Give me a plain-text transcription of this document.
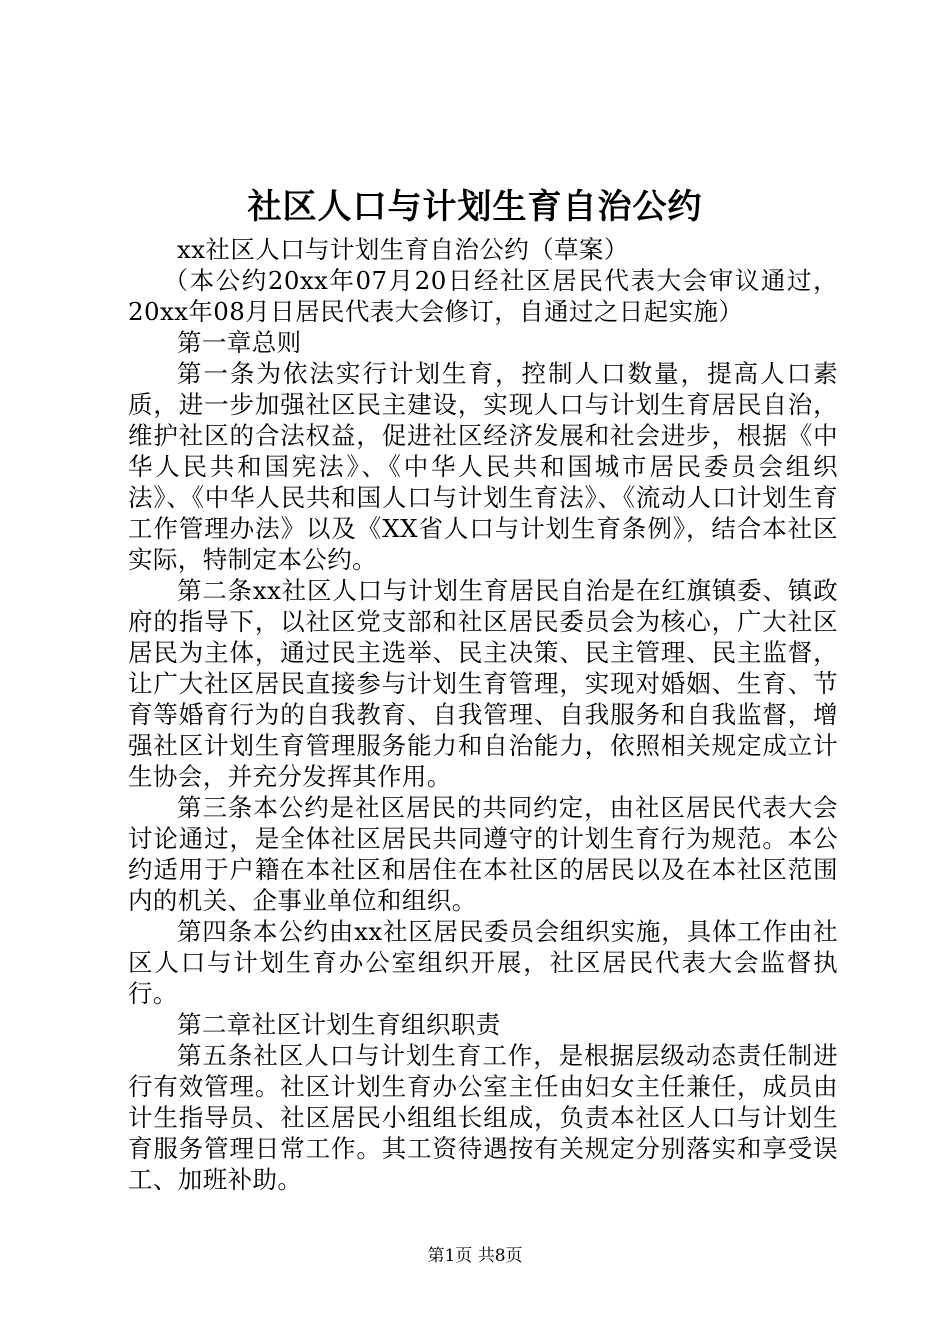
社区人口与计划生育自治公约

xx社区人口与计划生育自治公约（草案）

（本公约20xx年07月20日经社区居民代表大会审议通过，20xx年08月日居民代表大会修订，自通过之日起实施）

第一章总则

第一条为依法实行计划生育，控制人口数量，提高人口素质，进一步加强社区民主建设，实现人口与计划生育居民自治，维护社区的合法权益，促进社区经济发展和社会进步，根据《中华人民共和国宪法》、《中华人民共和国城市居民委员会组织法》、《中华人民共和国人口与计划生育法》、《流动人口计划生育工作管理办法》以及《XX省人口与计划生育条例》，结合本社区实际，特制定本公约。

第二条xx社区人口与计划生育居民自治是在红旗镇委、镇政府的指导下，以社区党支部和社区居民委员会为核心，广大社区居民为主体，通过民主选举、民主决策、民主管理、民主监督，让广大社区居民直接参与计划生育管理，实现对婚姻、生育、节育等婚育行为的自我教育、自我管理、自我服务和自我监督，增强社区计划生育管理服务能力和自治能力，依照相关规定成立计生协会，并充分发挥其作用。

第三条本公约是社区居民的共同约定，由社区居民代表大会讨论通过，是全体社区居民共同遵守的计划生育行为规范。本公约适用于户籍在本社区和居住在本社区的居民以及在本社区范围内的机关、企事业单位和组织。

第四条本公约由xx社区居民委员会组织实施，具体工作由社区人口与计划生育办公室组织开展，社区居民代表大会监督执行。

第二章社区计划生育组织职责

第五条社区人口与计划生育工作，是根据层级动态责任制进行有效管理。社区计划生育办公室主任由妇女主任兼任，成员由计生指导员、社区居民小组组长组成，负责本社区人口与计划生育服务管理日常工作。其工资待遇按有关规定分别落实和享受误工、加班补助。

第1页 共8页
